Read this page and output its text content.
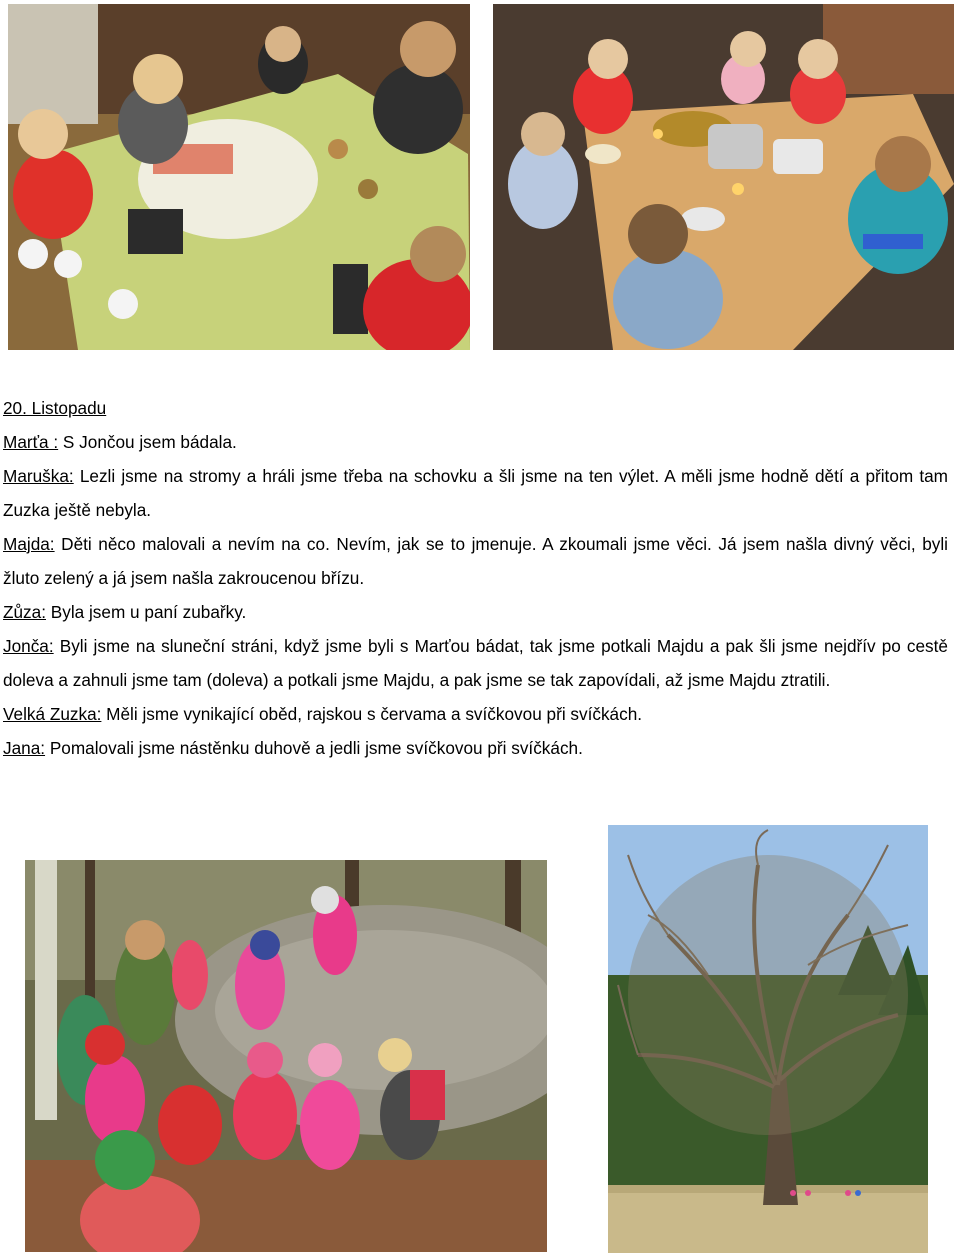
20. Listopadu

Marťa : S Jončou jsem bádala.

Maruška: Lezli jsme na stromy a hráli jsme třeba na schovku a šli jsme na ten výlet. A měli jsme hodně dětí a přitom tam Zuzka ještě nebyla.

Majda: Děti něco malovali a nevím na co. Nevím, jak se to jmenuje. A zkoumali jsme věci. Já jsem našla divný věci, byli žluto zelený a já jsem našla zakroucenou břízu.

Zůza: Byla jsem u paní zubařky.

Jonča: Byli jsme na sluneční stráni, když jsme byli s Marťou bádat, tak jsme potkali Majdu a pak šli jsme nejdřív po cestě doleva a zahnuli jsme tam (doleva) a potkali jsme Majdu, a pak jsme se tak zapovídali, až jsme Majdu ztratili.

Velká Zuzka: Měli jsme vynikající oběd, rajskou s červama a svíčkovou při svíčkách.

Jana: Pomalovali jsme nástěnku duhově a jedli jsme svíčkovou při svíčkách.
